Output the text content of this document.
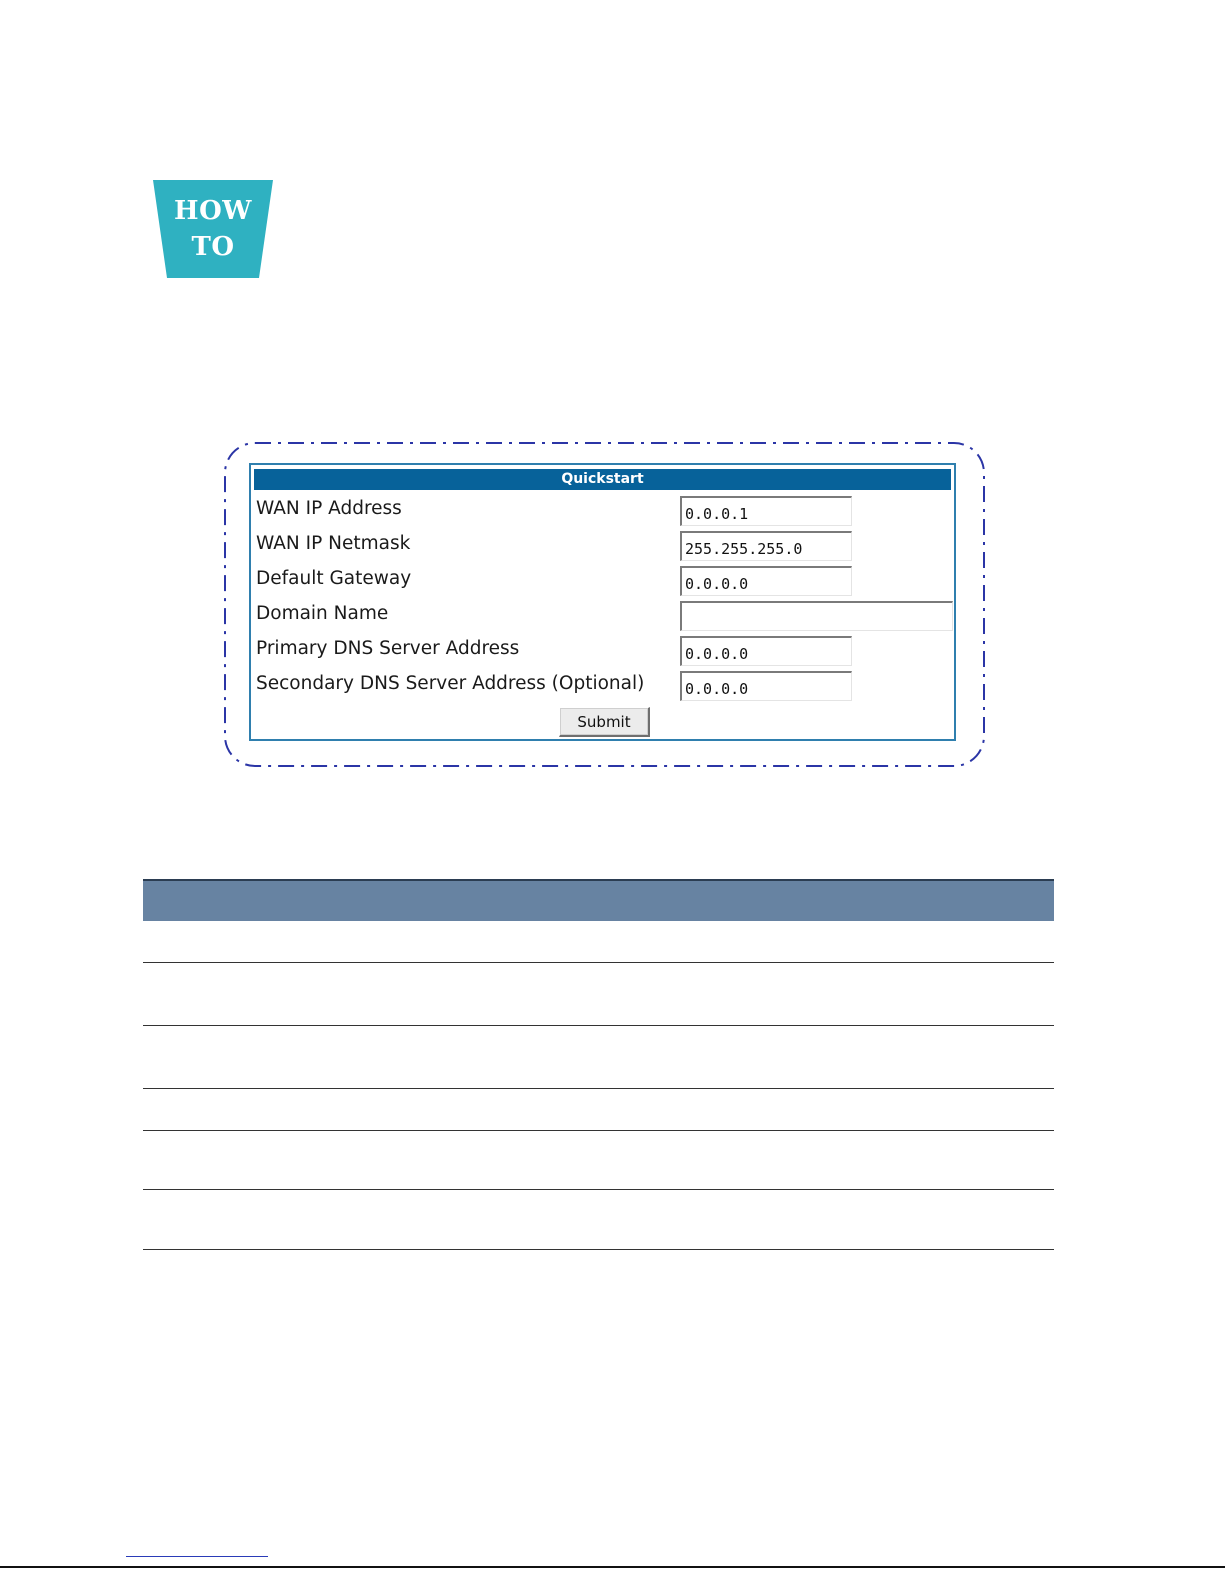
HOW
TO
Quickstart
WAN IP Address
0.0.0.1
WAN IP Netmask
255.255.255.0
Default Gateway
0.0.0.0
Domain Name
Primary DNS Server Address
0.0.0.0
Secondary DNS Server Address (Optional)
0.0.0.0
Submit
